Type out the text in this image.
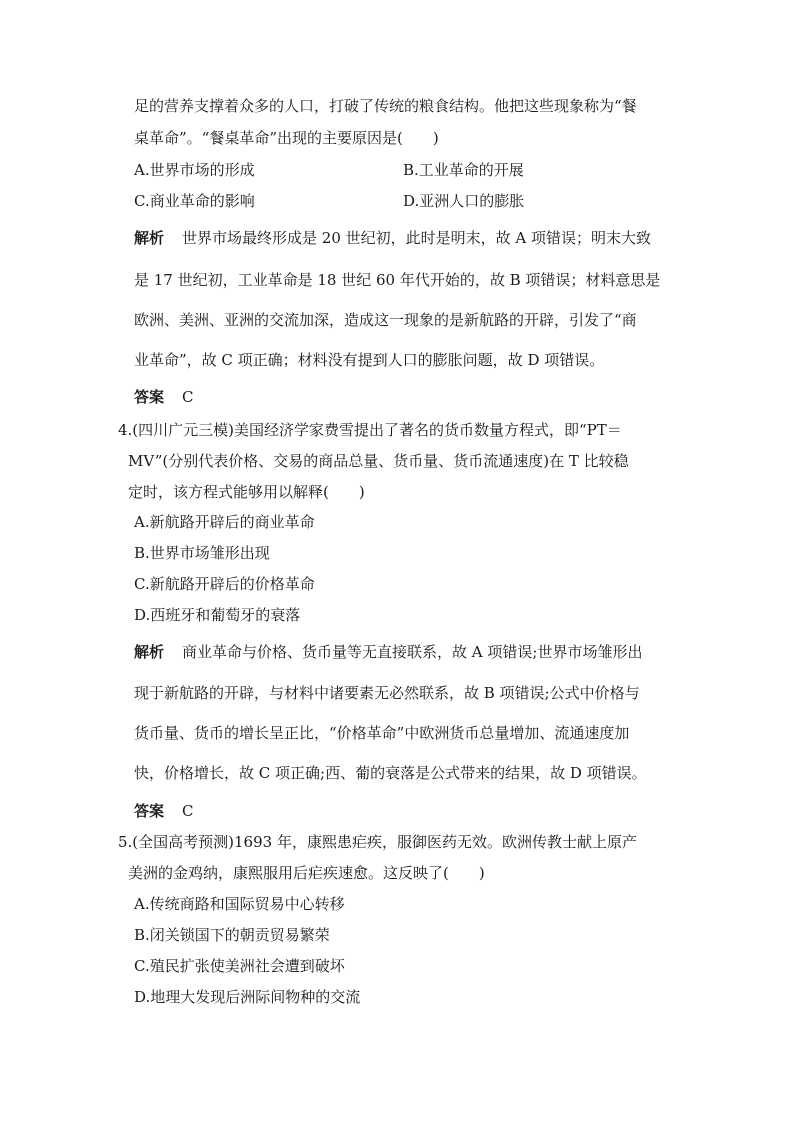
足的营养支撑着众多的人口，打破了传统的粮食结构。他把这些现象称为“餐
桌革命”。“餐桌革命”出现的主要原因是(　　)
A.世界市场的形成	B.工业革命的开展
C.商业革命的影响	D.亚洲人口的膨胀
解析 世界市场最终形成是 20 世纪初，此时是明末，故 A 项错误；明末大致
是 17 世纪初，工业革命是 18 世纪 60 年代开始的，故 B 项错误；材料意思是
欧洲、美洲、亚洲的交流加深，造成这一现象的是新航路的开辟，引发了“商
业革命”，故 C 项正确；材料没有提到人口的膨胀问题，故 D 项错误。
答案 C
4.(四川广元三模)美国经济学家费雪提出了著名的货币数量方程式，即“PT＝
MV”(分别代表价格、交易的商品总量、货币量、货币流通速度)在 T 比较稳
定时，该方程式能够用以解释(　　)
A.新航路开辟后的商业革命
B.世界市场雏形出现
C.新航路开辟后的价格革命
D.西班牙和葡萄牙的衰落
解析 商业革命与价格、货币量等无直接联系，故 A 项错误;世界市场雏形出
现于新航路的开辟，与材料中诸要素无必然联系，故 B 项错误;公式中价格与
货币量、货币的增长呈正比，“价格革命”中欧洲货币总量增加、流通速度加
快，价格增长，故 C 项正确;西、葡的衰落是公式带来的结果，故 D 项错误。
答案 C
5.(全国高考预测)1693 年，康熙患疟疾，服御医药无效。欧洲传教士献上原产
美洲的金鸡纳，康熙服用后疟疾速愈。这反映了(　　)
A.传统商路和国际贸易中心转移
B.闭关锁国下的朝贡贸易繁荣
C.殖民扩张使美洲社会遭到破坏
D.地理大发现后洲际间物种的交流
